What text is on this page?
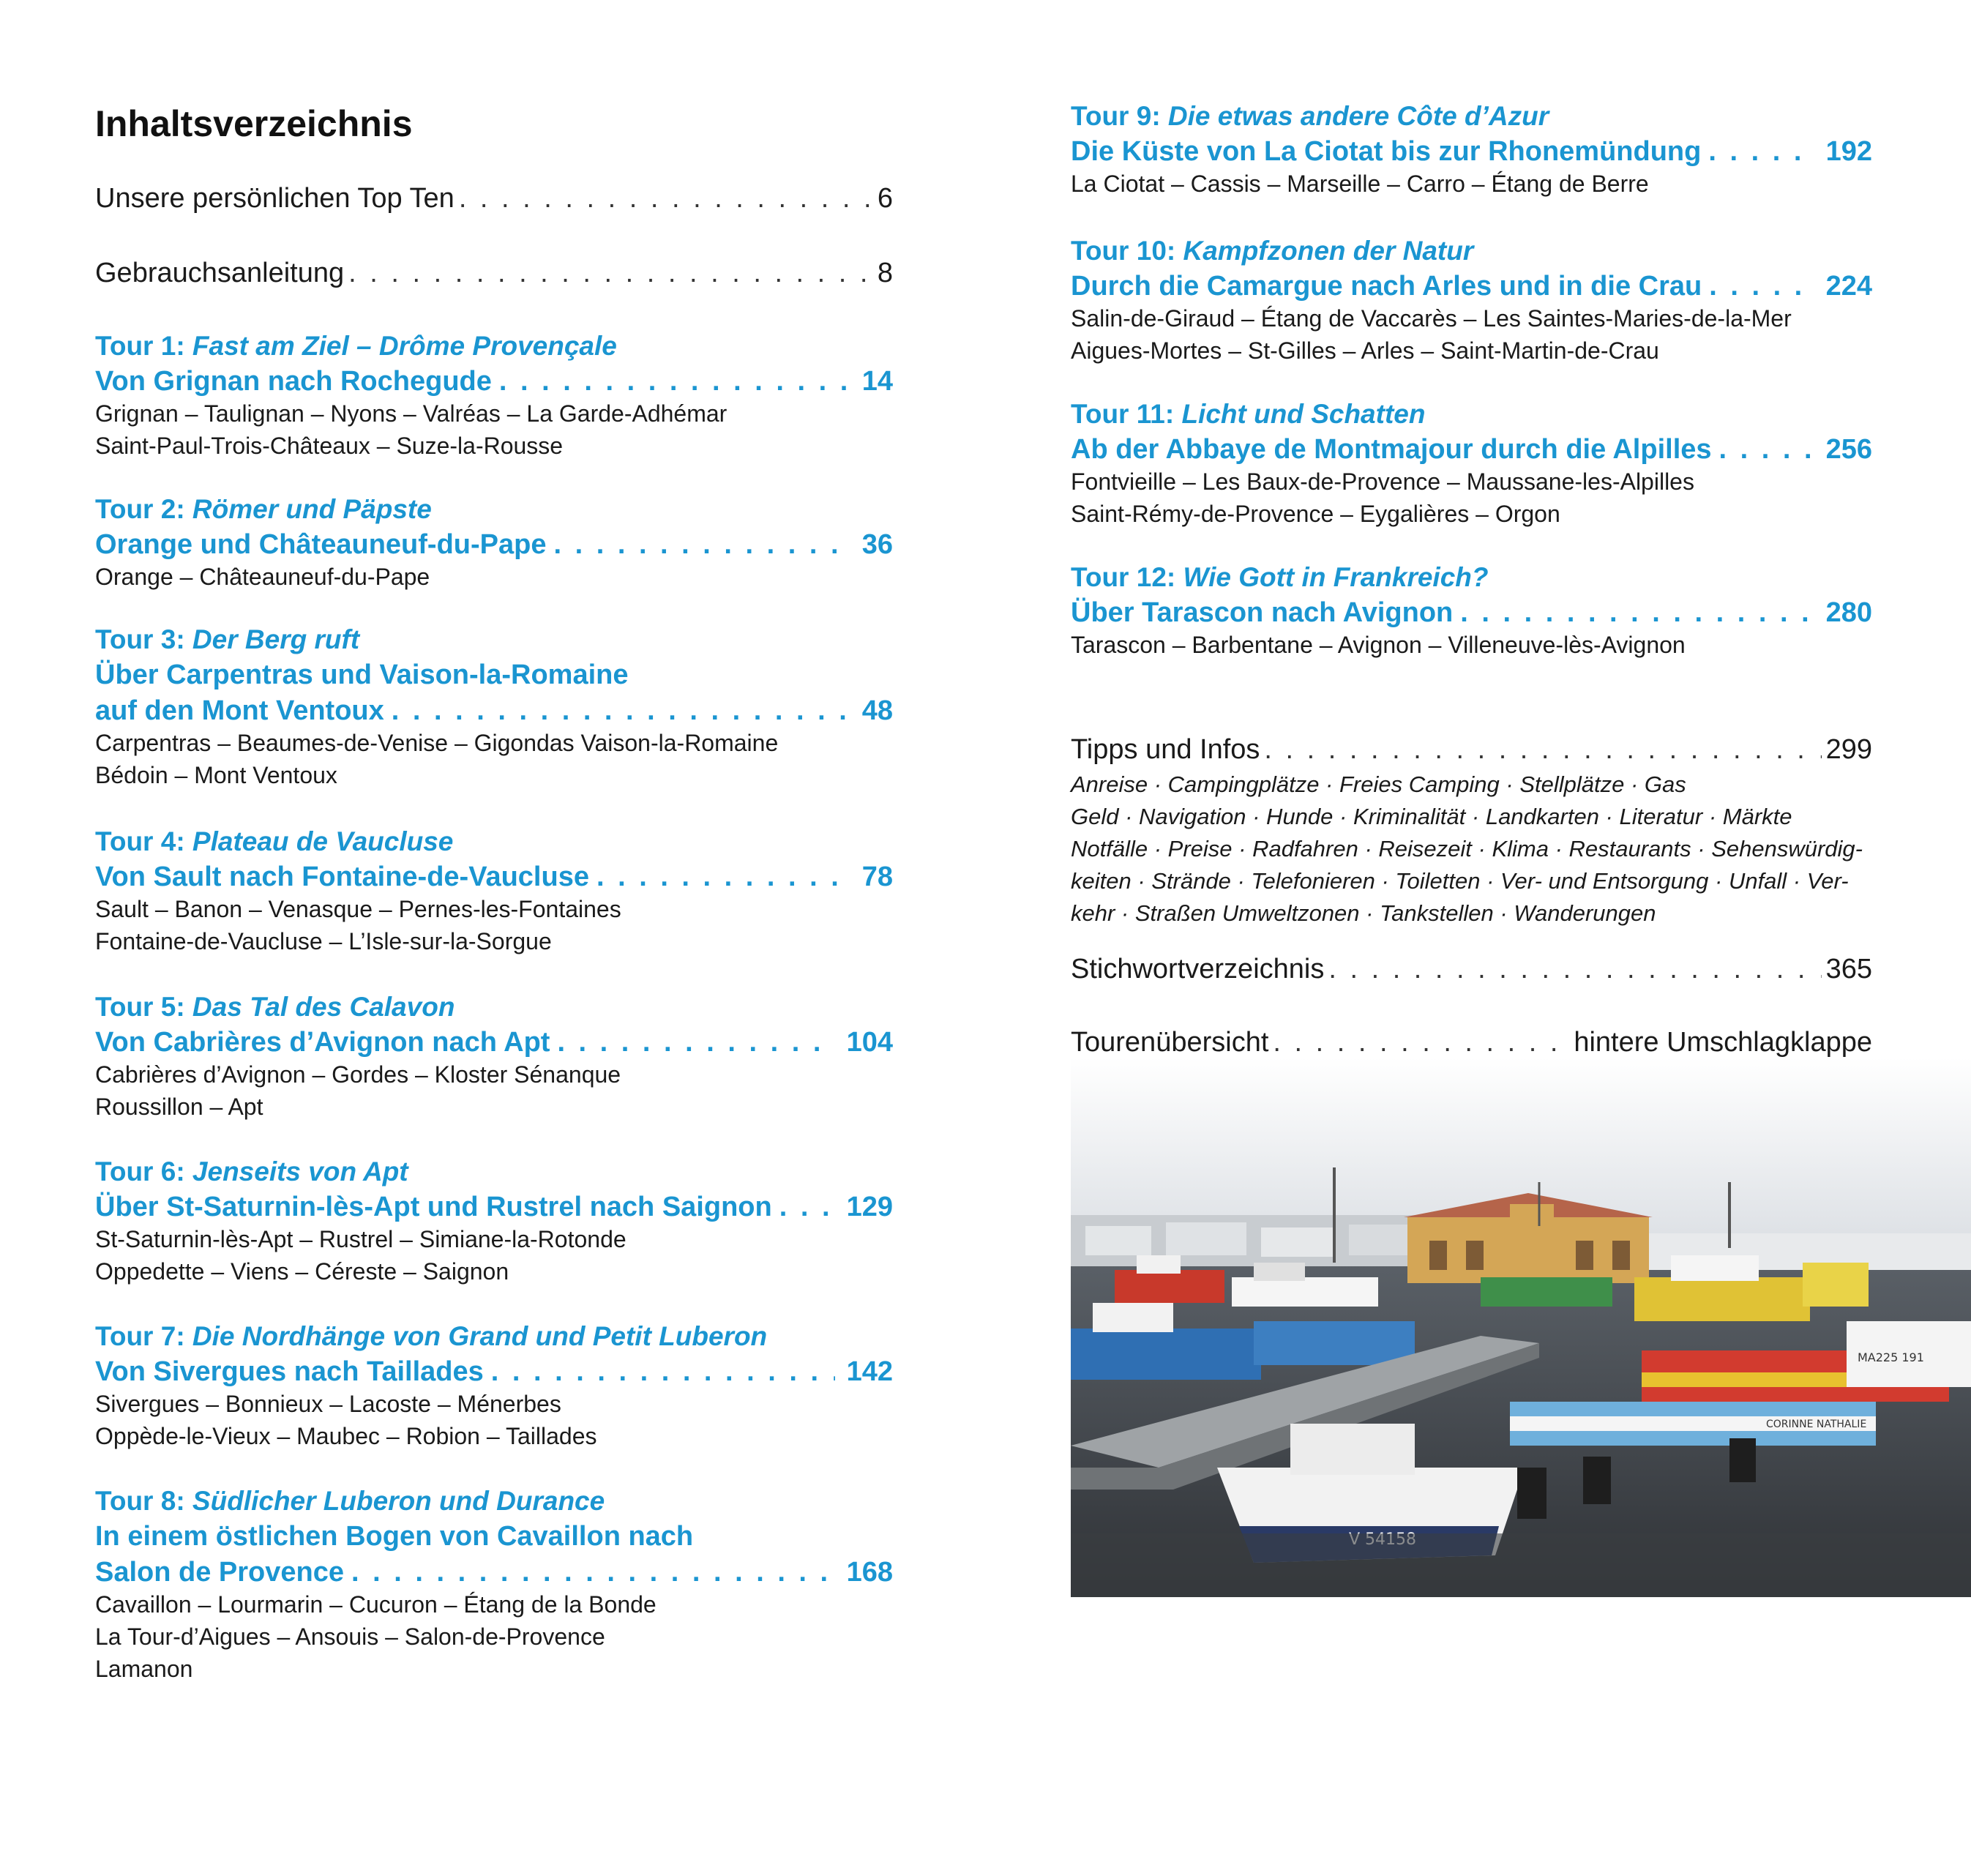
Inhaltsverzeichnis
Unsere persönlichen Top Ten . . .	6
Gebrauchsanleitung . . .	8
Tour 1: Fast am Ziel – Drôme Provençale
Von Grignan nach Rochegude . . .	14
Grignan – Taulignan – Nyons – Valréas – La Garde-Adhémar
Saint-Paul-Trois-Châteaux – Suze-la-Rousse
Tour 2: Römer und Päpste
Orange und Châteauneuf-du-Pape . . .	36
Orange – Châteauneuf-du-Pape
Tour 3: Der Berg ruft
Über Carpentras und Vaison-la-Romaine
auf den Mont Ventoux . . .	48
Carpentras – Beaumes-de-Venise – Gigondas Vaison-la-Romaine
Bédoin – Mont Ventoux
Tour 4: Plateau de Vaucluse
Von Sault nach Fontaine-de-Vaucluse . . .	78
Sault – Banon – Venasque – Pernes-les-Fontaines
Fontaine-de-Vaucluse – L’Isle-sur-la-Sorgue
Tour 5: Das Tal des Calavon
Von Cabrières d’Avignon nach Apt . . .	104
Cabrières d’Avignon – Gordes – Kloster Sénanque
Roussillon – Apt
Tour 6: Jenseits von Apt
Über St-Saturnin-lès-Apt und Rustrel nach Saignon . . .	129
St-Saturnin-lès-Apt – Rustrel – Simiane-la-Rotonde
Oppedette – Viens – Céreste – Saignon
Tour 7: Die Nordhänge von Grand und Petit Luberon
Von Sivergues nach Taillades . . .	142
Sivergues – Bonnieux – Lacoste – Ménerbes
Oppède-le-Vieux – Maubec – Robion – Taillades
Tour 8: Südlicher Luberon und Durance
In einem östlichen Bogen von Cavaillon nach
Salon de Provence . . .	168
Cavaillon – Lourmarin – Cucuron – Étang de la Bonde
La Tour-d’Aigues – Ansouis – Salon-de-Provence
Lamanon
Tour 9: Die etwas andere Côte d’Azur
Die Küste von La Ciotat bis zur Rhonemündung . . .	192
La Ciotat – Cassis – Marseille – Carro – Étang de Berre
Tour 10: Kampfzonen der Natur
Durch die Camargue nach Arles und in die Crau . . .	224
Salin-de-Giraud – Étang de Vaccarès – Les Saintes-Maries-de-la-Mer
Aigues-Mortes – St-Gilles – Arles – Saint-Martin-de-Crau
Tour 11: Licht und Schatten
Ab der Abbaye de Montmajour durch die Alpilles . . .	256
Fontvieille – Les Baux-de-Provence – Maussane-les-Alpilles
Saint-Rémy-de-Provence – Eygalières – Orgon
Tour 12: Wie Gott in Frankreich?
Über Tarascon nach Avignon . . .	280
Tarascon – Barbentane – Avignon – Villeneuve-lès-Avignon
Tipps und Infos . . .	299
Anreise · Campingplätze · Freies Camping · Stellplätze · Gas
Geld · Navigation · Hunde · Kriminalität · Landkarten · Literatur · Märkte
Notfälle · Preise · Radfahren · Reisezeit · Klima · Restaurants · Sehenswürdig-
keiten · Strände · Telefonieren · Toiletten · Ver- und Entsorgung · Unfall · Ver-
kehr · Straßen Umweltzonen · Tankstellen · Wanderungen
Stichwortverzeichnis . . .	365
Tourenübersicht . . .	hintere Umschlagklappe
MA225 191
CORINNE NATHALIE
